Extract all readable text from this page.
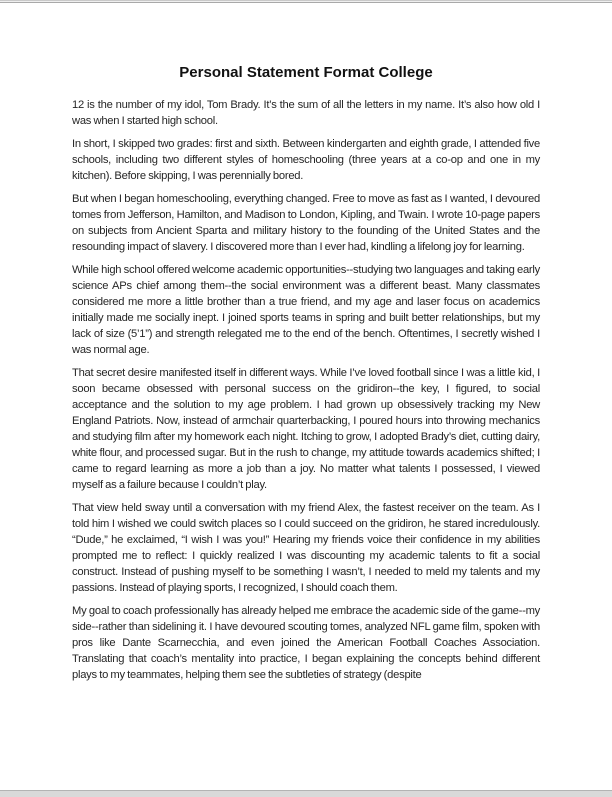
Personal Statement Format College

12 is the number of my idol, Tom Brady. It’s the sum of all the letters in my name. It’s also how old I was when I started high school.

In short, I skipped two grades: first and sixth. Between kindergarten and eighth grade, I attended five schools, including two different styles of homeschooling (three years at a co-op and one in my kitchen). Before skipping, I was perennially bored.

But when I began homeschooling, everything changed. Free to move as fast as I wanted, I devoured tomes from Jefferson, Hamilton, and Madison to London, Kipling, and Twain. I wrote 10-page papers on subjects from Ancient Sparta and military history to the founding of the United States and the resounding impact of slavery. I discovered more than I ever had, kindling a lifelong joy for learning.

While high school offered welcome academic opportunities--studying two languages and taking early science APs chief among them--the social environment was a different beast. Many classmates considered me more a little brother than a true friend, and my age and laser focus on academics initially made me socially inept. I joined sports teams in spring and built better relationships, but my lack of size (5’1”) and strength relegated me to the end of the bench. Oftentimes, I secretly wished I was normal age.

That secret desire manifested itself in different ways. While I’ve loved football since I was a little kid, I soon became obsessed with personal success on the gridiron--the key, I figured, to social acceptance and the solution to my age problem. I had grown up obsessively tracking my New England Patriots. Now, instead of armchair quarterbacking, I poured hours into throwing mechanics and studying film after my homework each night. Itching to grow, I adopted Brady’s diet, cutting dairy, white flour, and processed sugar. But in the rush to change, my attitude towards academics shifted; I came to regard learning as more a job than a joy. No matter what talents I possessed, I viewed myself as a failure because I couldn’t play.

That view held sway until a conversation with my friend Alex, the fastest receiver on the team. As I told him I wished we could switch places so I could succeed on the gridiron, he stared incredulously. “Dude,” he exclaimed, “I wish I was you!” Hearing my friends voice their confidence in my abilities prompted me to reflect: I quickly realized I was discounting my academic talents to fit a social construct. Instead of pushing myself to be something I wasn’t, I needed to meld my talents and my passions. Instead of playing sports, I recognized, I should coach them.

My goal to coach professionally has already helped me embrace the academic side of the game--my side--rather than sidelining it. I have devoured scouting tomes, analyzed NFL game film, spoken with pros like Dante Scarnecchia, and even joined the American Football Coaches Association. Translating that coach’s mentality into practice, I began explaining the concepts behind different plays to my teammates, helping them see the subtleties of strategy (despite
